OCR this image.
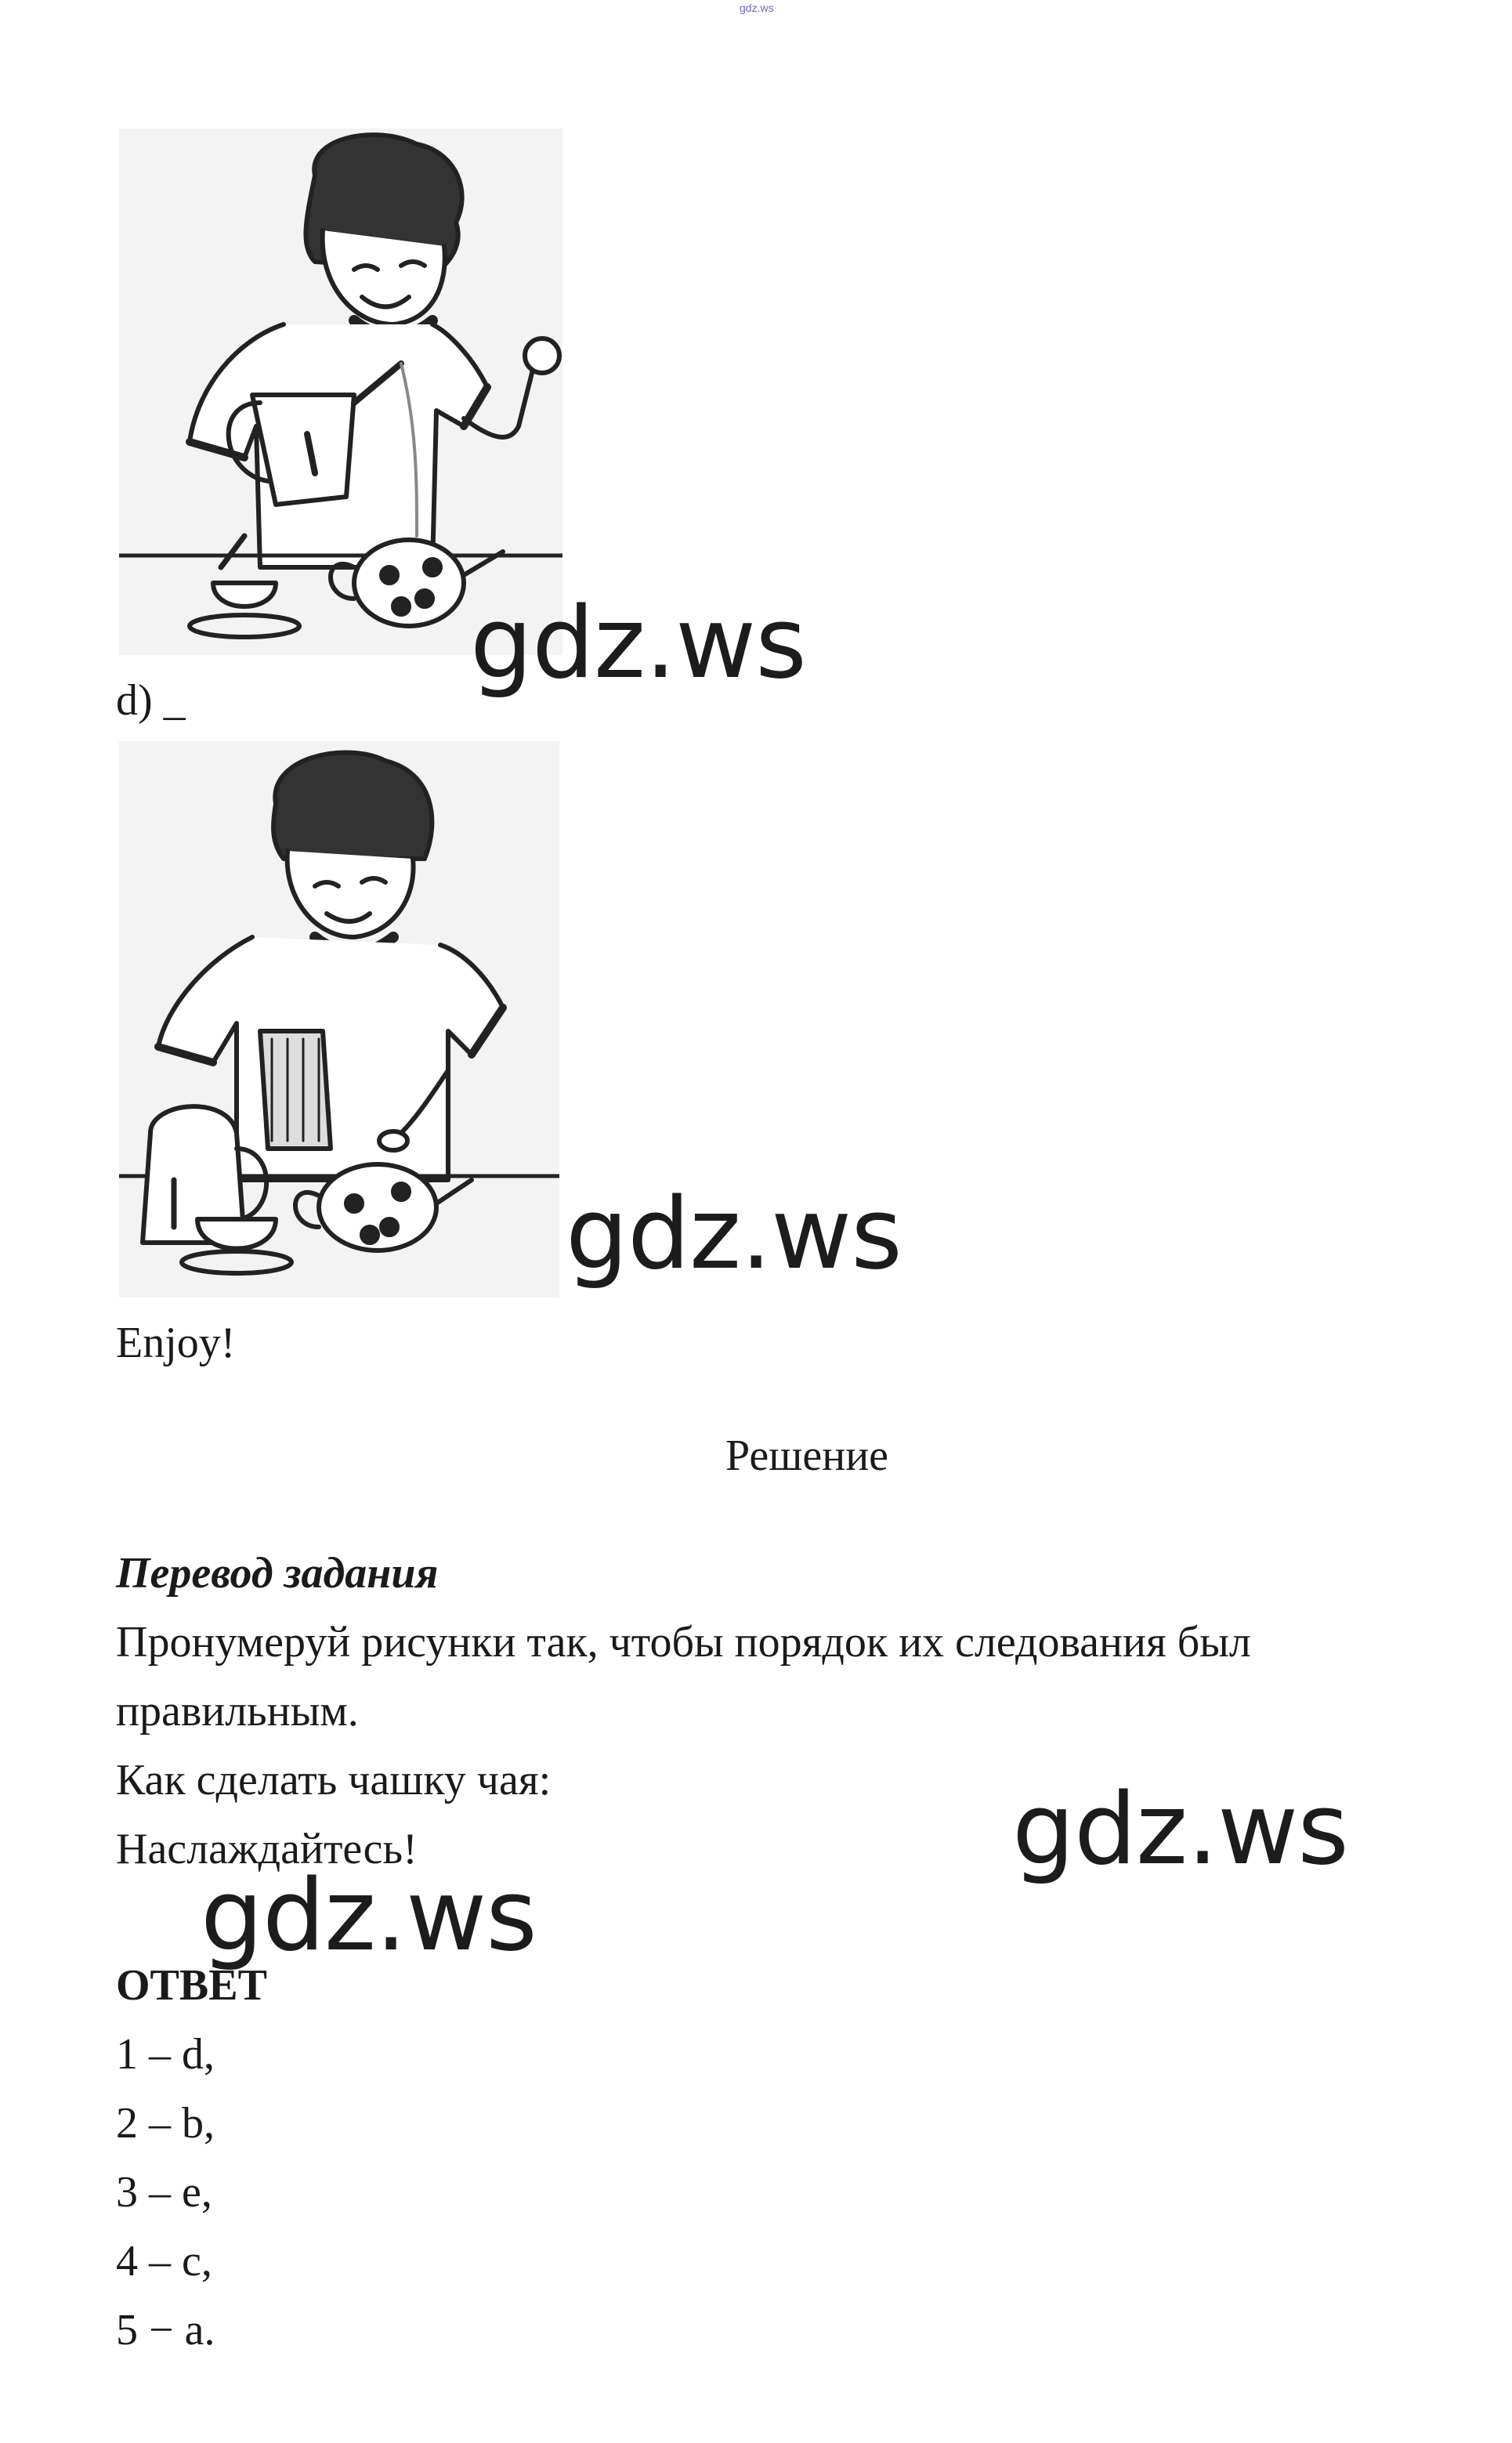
gdz.ws
gdz.ws
d) _
gdz.ws
Enjoy!
Решение
Перевод задания
Пронумеруй рисунки так, чтобы порядок их следования был
правильным.
Как сделать чашку чая:
Наслаждайтесь!	gdz.ws
gdz.ws
ОТВЕТ
1 – d,
2 – b,
3 – e,
4 – c,
5 − a.
